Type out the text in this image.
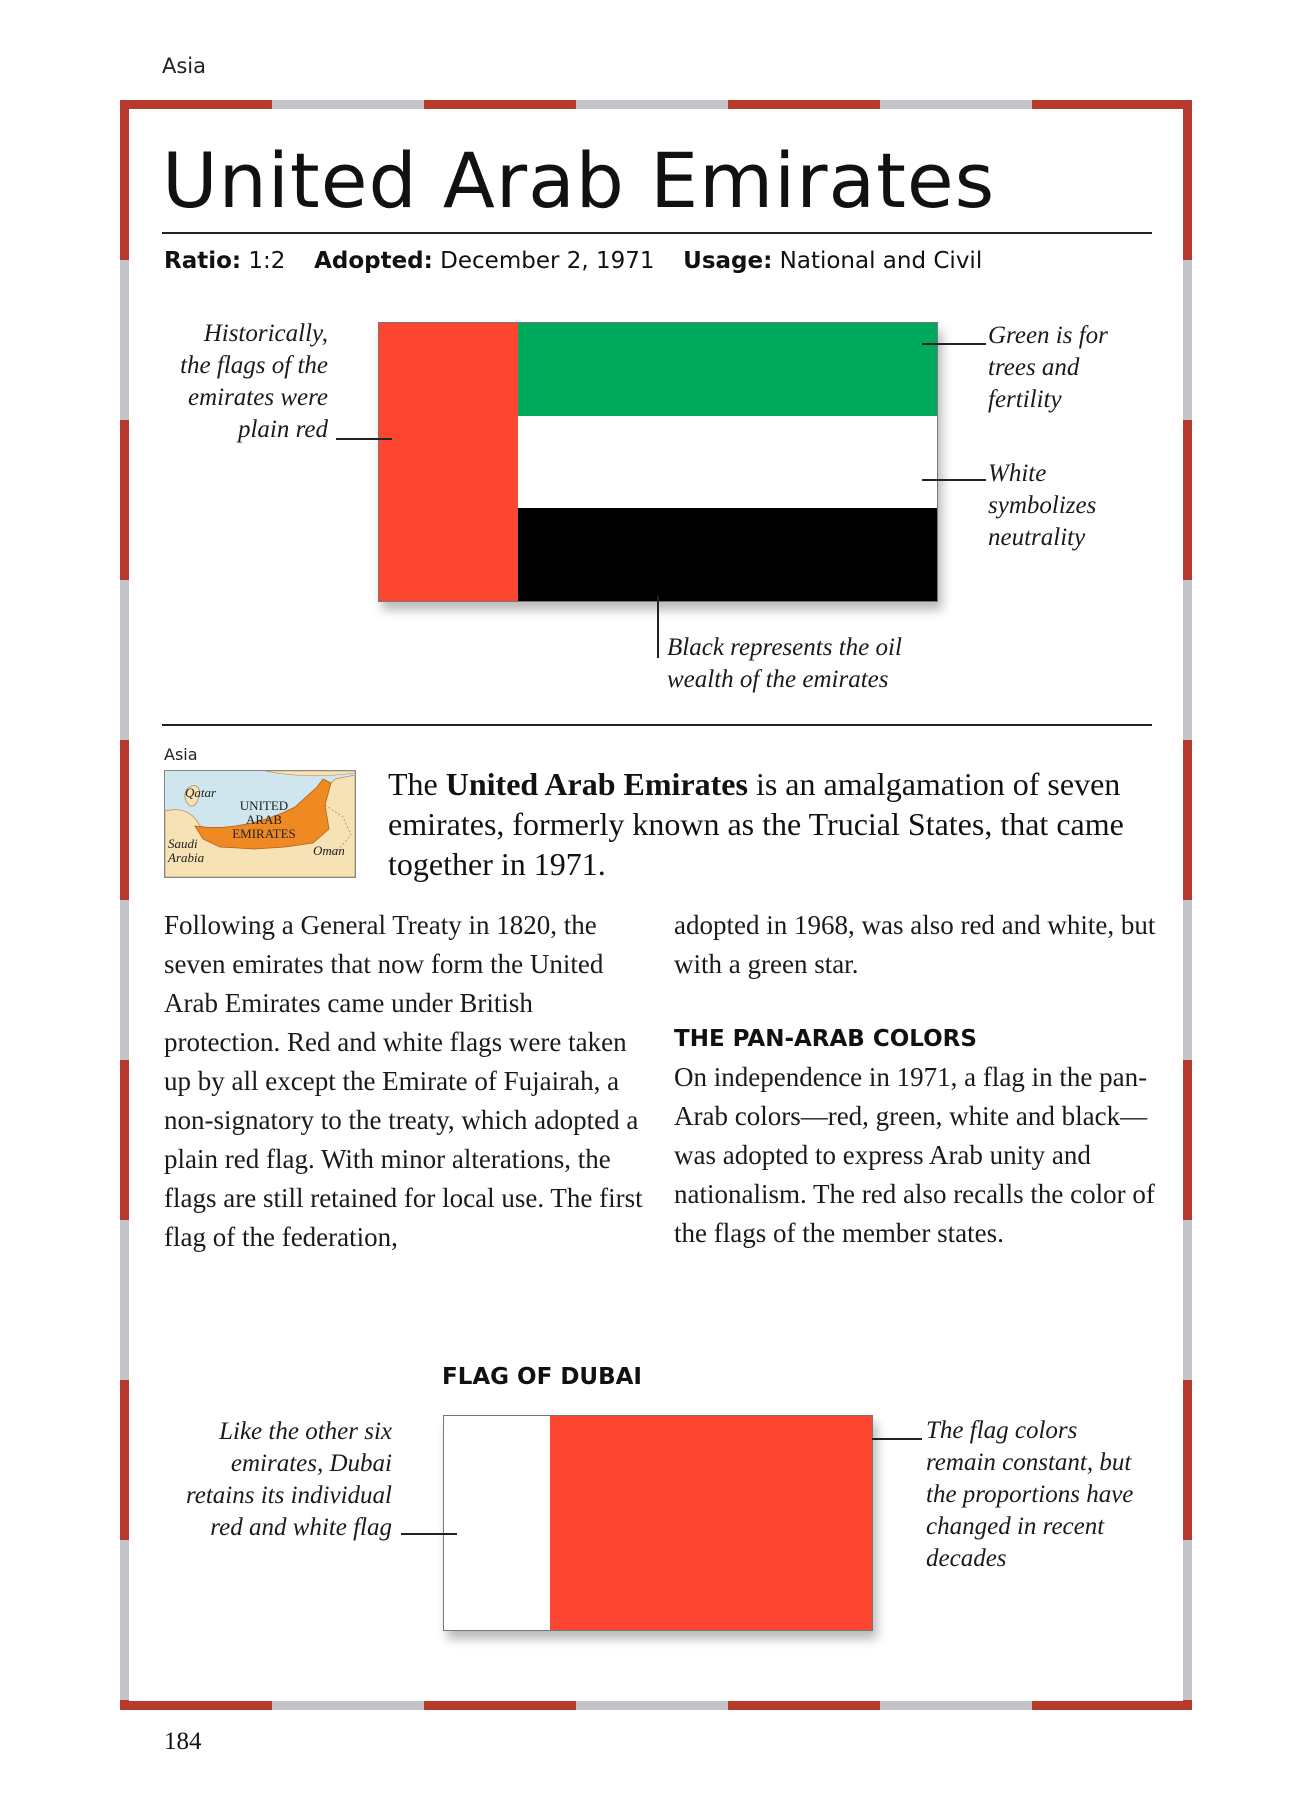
Asia
United Arab Emirates
Ratio: 1:2 Adopted: December 2, 1971 Usage: National and Civil
Historically,
the flags of the
emirates were
plain red
Green is for
trees and
fertility
White
symbolizes
neutrality
Black represents the oil
wealth of the emirates
Asia
Qatar
UNITED
ARAB
EMIRATES
Saudi
Arabia	Oman
The United Arab Emirates is an amalgamation of seven emirates, formerly known as the Trucial States, that came together in 1971.
Following a General Treaty in 1820, the seven emirates that now form the United Arab Emirates came under British protection. Red and white flags were taken up by all except the Emirate of Fujairah, a non-signatory to the treaty, which adopted a plain red flag. With minor alterations, the flags are still retained for local use. The first flag of the federation,
adopted in 1968, was also red and white, but with a green star.
THE PAN-ARAB COLORS
On independence in 1971, a flag in the pan-Arab colors—red, green, white and black—was adopted to express Arab unity and nationalism. The red also recalls the color of the flags of the member states.
FLAG OF DUBAI
Like the other six
emirates, Dubai
retains its individual
red and white flag
The flag colors
remain constant, but
the proportions have
changed in recent
decades
184
